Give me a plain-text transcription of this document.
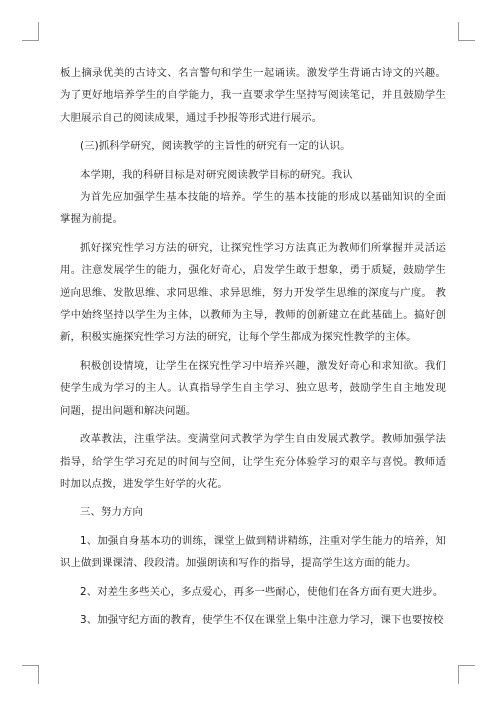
板上摘录优美的古诗文、名言警句和学生一起诵读。激发学生背诵古诗文的兴趣。为了更好地培养学生的自学能力，我一直要求学生坚持写阅读笔记，并且鼓励学生大胆展示自己的阅读成果，通过手抄报等形式进行展示。

(三)抓科学研究，阅读教学的主旨性的研究有一定的认识。

本学期，我的科研目标是对研究阅读教学目标的研究。我认

为首先应加强学生基本技能的培养。学生的基本技能的形成以基础知识的全面掌握为前提。

抓好探究性学习方法的研究，让探究性学习方法真正为教师们所掌握并灵活运用。注意发展学生的能力，强化好奇心，启发学生敢于想象，勇于质疑，鼓励学生逆向思维、发散思维、求同思维、求异思维，努力开发学生思维的深度与广度。 教学中始终坚持以学生为主体，以教师为主导，教师的创新建立在此基础上。搞好创新，积极实施探究性学习方法的研究，让每个学生都成为探究性教学的主体。

积极创设情境，让学生在探究性学习中培养兴趣，激发好奇心和求知欲。我们使学生成为学习的主人。认真指导学生自主学习、独立思考，鼓励学生自主地发现问题，提出问题和解决问题。

改革教法，注重学法。变满堂问式教学为学生自由发展式教学。教师加强学法指导，给学生学习充足的时间与空间，让学生充分体验学习的艰辛与喜悦。教师适时加以点拨，进发学生好学的火花。

三、努力方向

1、加强自身基本功的训练，课堂上做到精讲精练，注重对学生能力的培养，知识上做到课课清、段段清。加强朗读和写作的指导，提高学生这方面的能力。

2、对差生多些关心，多点爱心，再多一些耐心，使他们在各方面有更大进步。

3、加强守纪方面的教育，使学生不仅在课堂上集中注意力学习，课下也要按校
